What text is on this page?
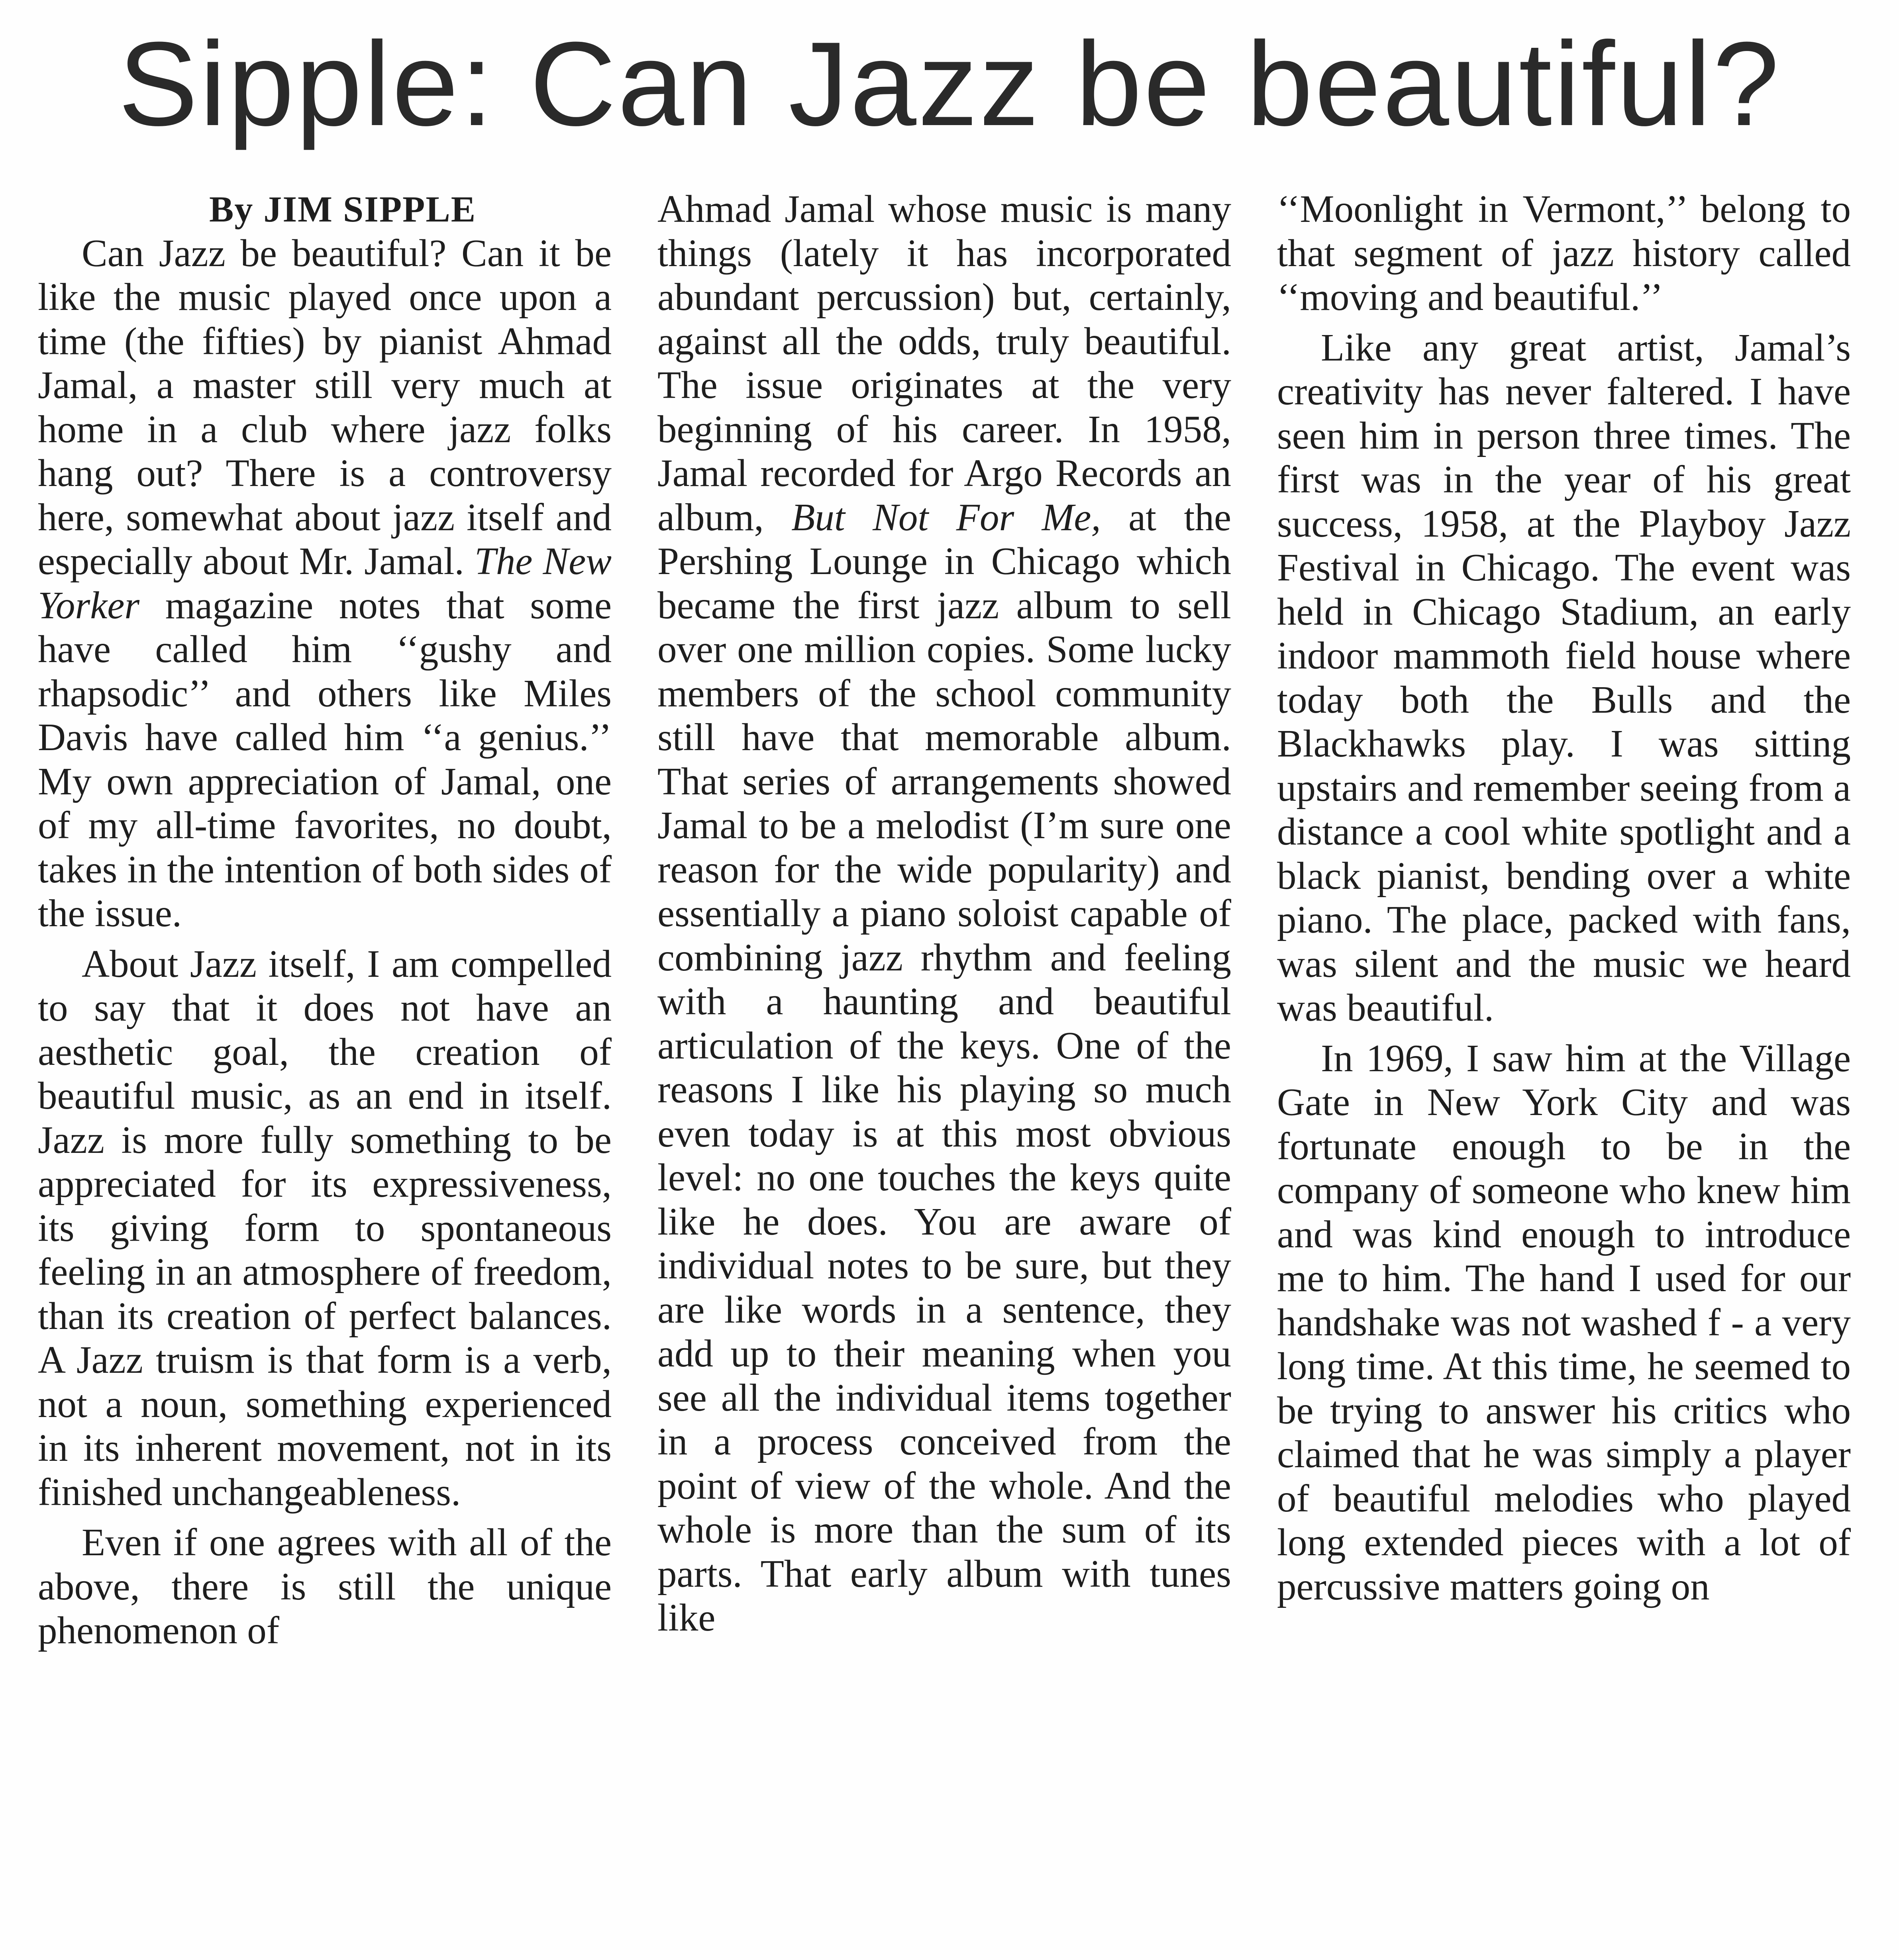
Sipple: Can Jazz be beautiful?

By JIM SIPPLE

Can Jazz be beautiful? Can it be like the music played once upon a time (the fifties) by pianist Ahmad Jamal, a master still very much at home in a club where jazz folks hang out? There is a controversy here, somewhat about jazz itself and especially about Mr. Jamal. The New Yorker magazine notes that some have called him ‘‘gushy and rhapsodic’’ and others like Miles Davis have called him ‘‘a genius.’’ My own appreciation of Jamal, one of my all-time favorites, no doubt, takes in the intention of both sides of the issue.

About Jazz itself, I am compelled to say that it does not have an aesthetic goal, the creation of beautiful music, as an end in itself. Jazz is more fully something to be appreciated for its expressiveness, its giving form to spontaneous feeling in an atmosphere of freedom, than its creation of perfect balances. A Jazz truism is that form is a verb, not a noun, something experienced in its inherent movement, not in its finished unchangeableness.

Even if one agrees with all of the above, there is still the unique phenomenon of

Ahmad Jamal whose music is many things (lately it has incorporated abundant percussion) but, certainly, against all the odds, truly beautiful. The issue originates at the very beginning of his career. In 1958, Jamal recorded for Argo Records an album, But Not For Me, at the Pershing Lounge in Chicago which became the first jazz album to sell over one million copies. Some lucky members of the school community still have that memorable album. That series of arrangements showed Jamal to be a melodist (I’m sure one reason for the wide popularity) and essentially a piano soloist capable of combining jazz rhythm and feeling with a haunting and beautiful articulation of the keys. One of the reasons I like his playing so much even today is at this most obvious level: no one touches the keys quite like he does. You are aware of individual notes to be sure, but they are like words in a sentence, they add up to their meaning when you see all the individual items together in a process conceived from the point of view of the whole. And the whole is more than the sum of its parts. That early album with tunes like

‘‘Moonlight in Vermont,’’ belong to that segment of jazz history called ‘‘moving and beautiful.’’

Like any great artist, Jamal’s creativity has never faltered. I have seen him in person three times. The first was in the year of his great success, 1958, at the Playboy Jazz Festival in Chicago. The event was held in Chicago Stadium, an early indoor mammoth field house where today both the Bulls and the Blackhawks play. I was sitting upstairs and remember seeing from a distance a cool white spotlight and a black pianist, bending over a white piano. The place, packed with fans, was silent and the music we heard was beautiful.

In 1969, I saw him at the Village Gate in New York City and was fortunate enough to be in the company of someone who knew him and was kind enough to introduce me to him. The hand I used for our handshake was not washed f - a very long time. At this time, he seemed to be trying to answer his critics who claimed that he was simply a player of beautiful melodies who played long extended pieces with a lot of percussive matters going on
